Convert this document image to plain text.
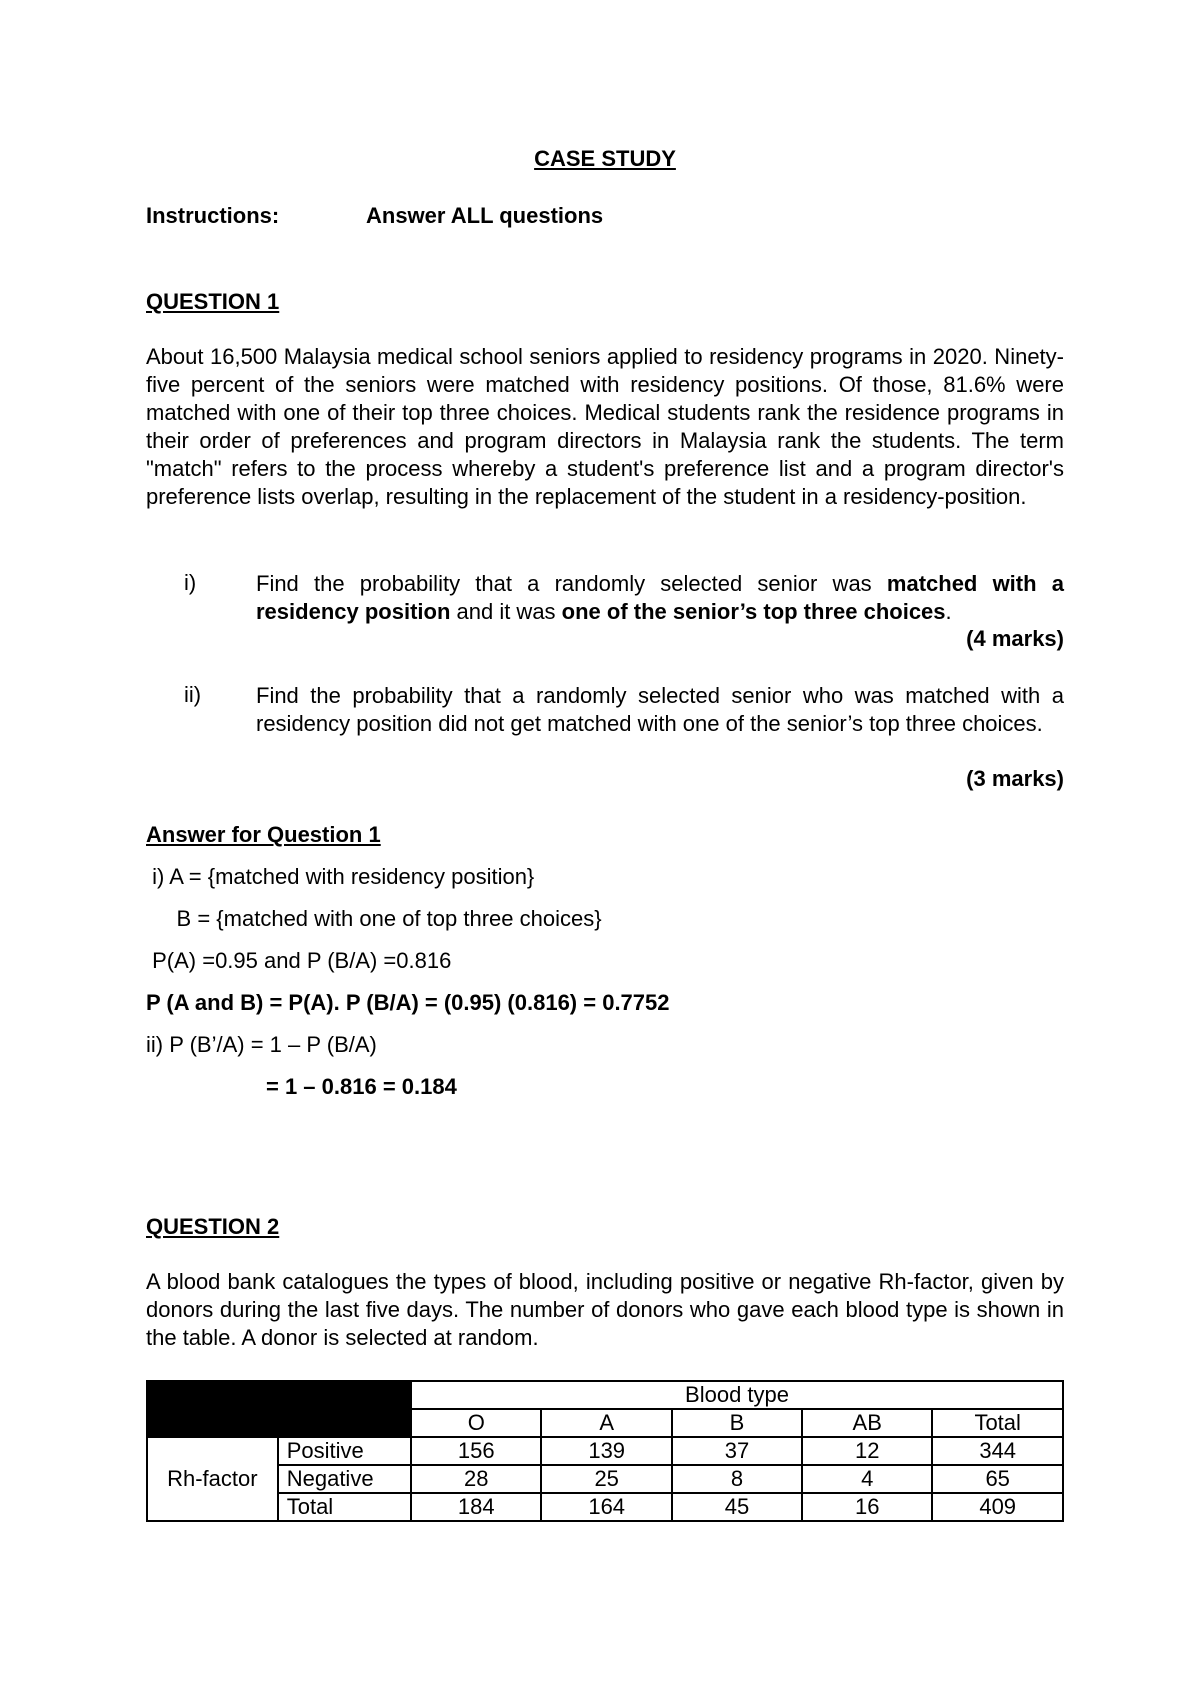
CASE STUDY
Instructions:	Answer ALL questions
QUESTION 1
About 16,500 Malaysia medical school seniors applied to residency programs in 2020. Ninety-five percent of the seniors were matched with residency positions. Of those, 81.6% were matched with one of their top three choices. Medical students rank the residence programs in their order of preferences and program directors in Malaysia rank the students. The term "match" refers to the process whereby a student's preference list and a program director's preference lists overlap, resulting in the replacement of the student in a residency-position.
i)	Find the probability that a randomly selected senior was matched with a residency position and it was one of the senior’s top three choices.
(4 marks)
ii) Find the probability that a randomly selected senior who was matched with a residency position did not get matched with one of the senior’s top three choices.
(3 marks)
Answer for Question 1
i) A = {matched with residency position}
B = {matched with one of top three choices}
P(A) =0.95 and P (B/A) =0.816
P (A and B) = P(A). P (B/A) = (0.95) (0.816) = 0.7752
ii) P (B’/A) = 1 – P (B/A)
= 1 – 0.816 = 0.184
QUESTION 2
A blood bank catalogues the types of blood, including positive or negative Rh-factor, given by donors during the last five days. The number of donors who gave each blood type is shown in the table. A donor is selected at random.
		Blood type				
		O	A	B	AB	Total
Rh-factor	Positive	156	139	37	12	344
	Negative	28	25	8	4	65
	Total	184	164	45	16	409
